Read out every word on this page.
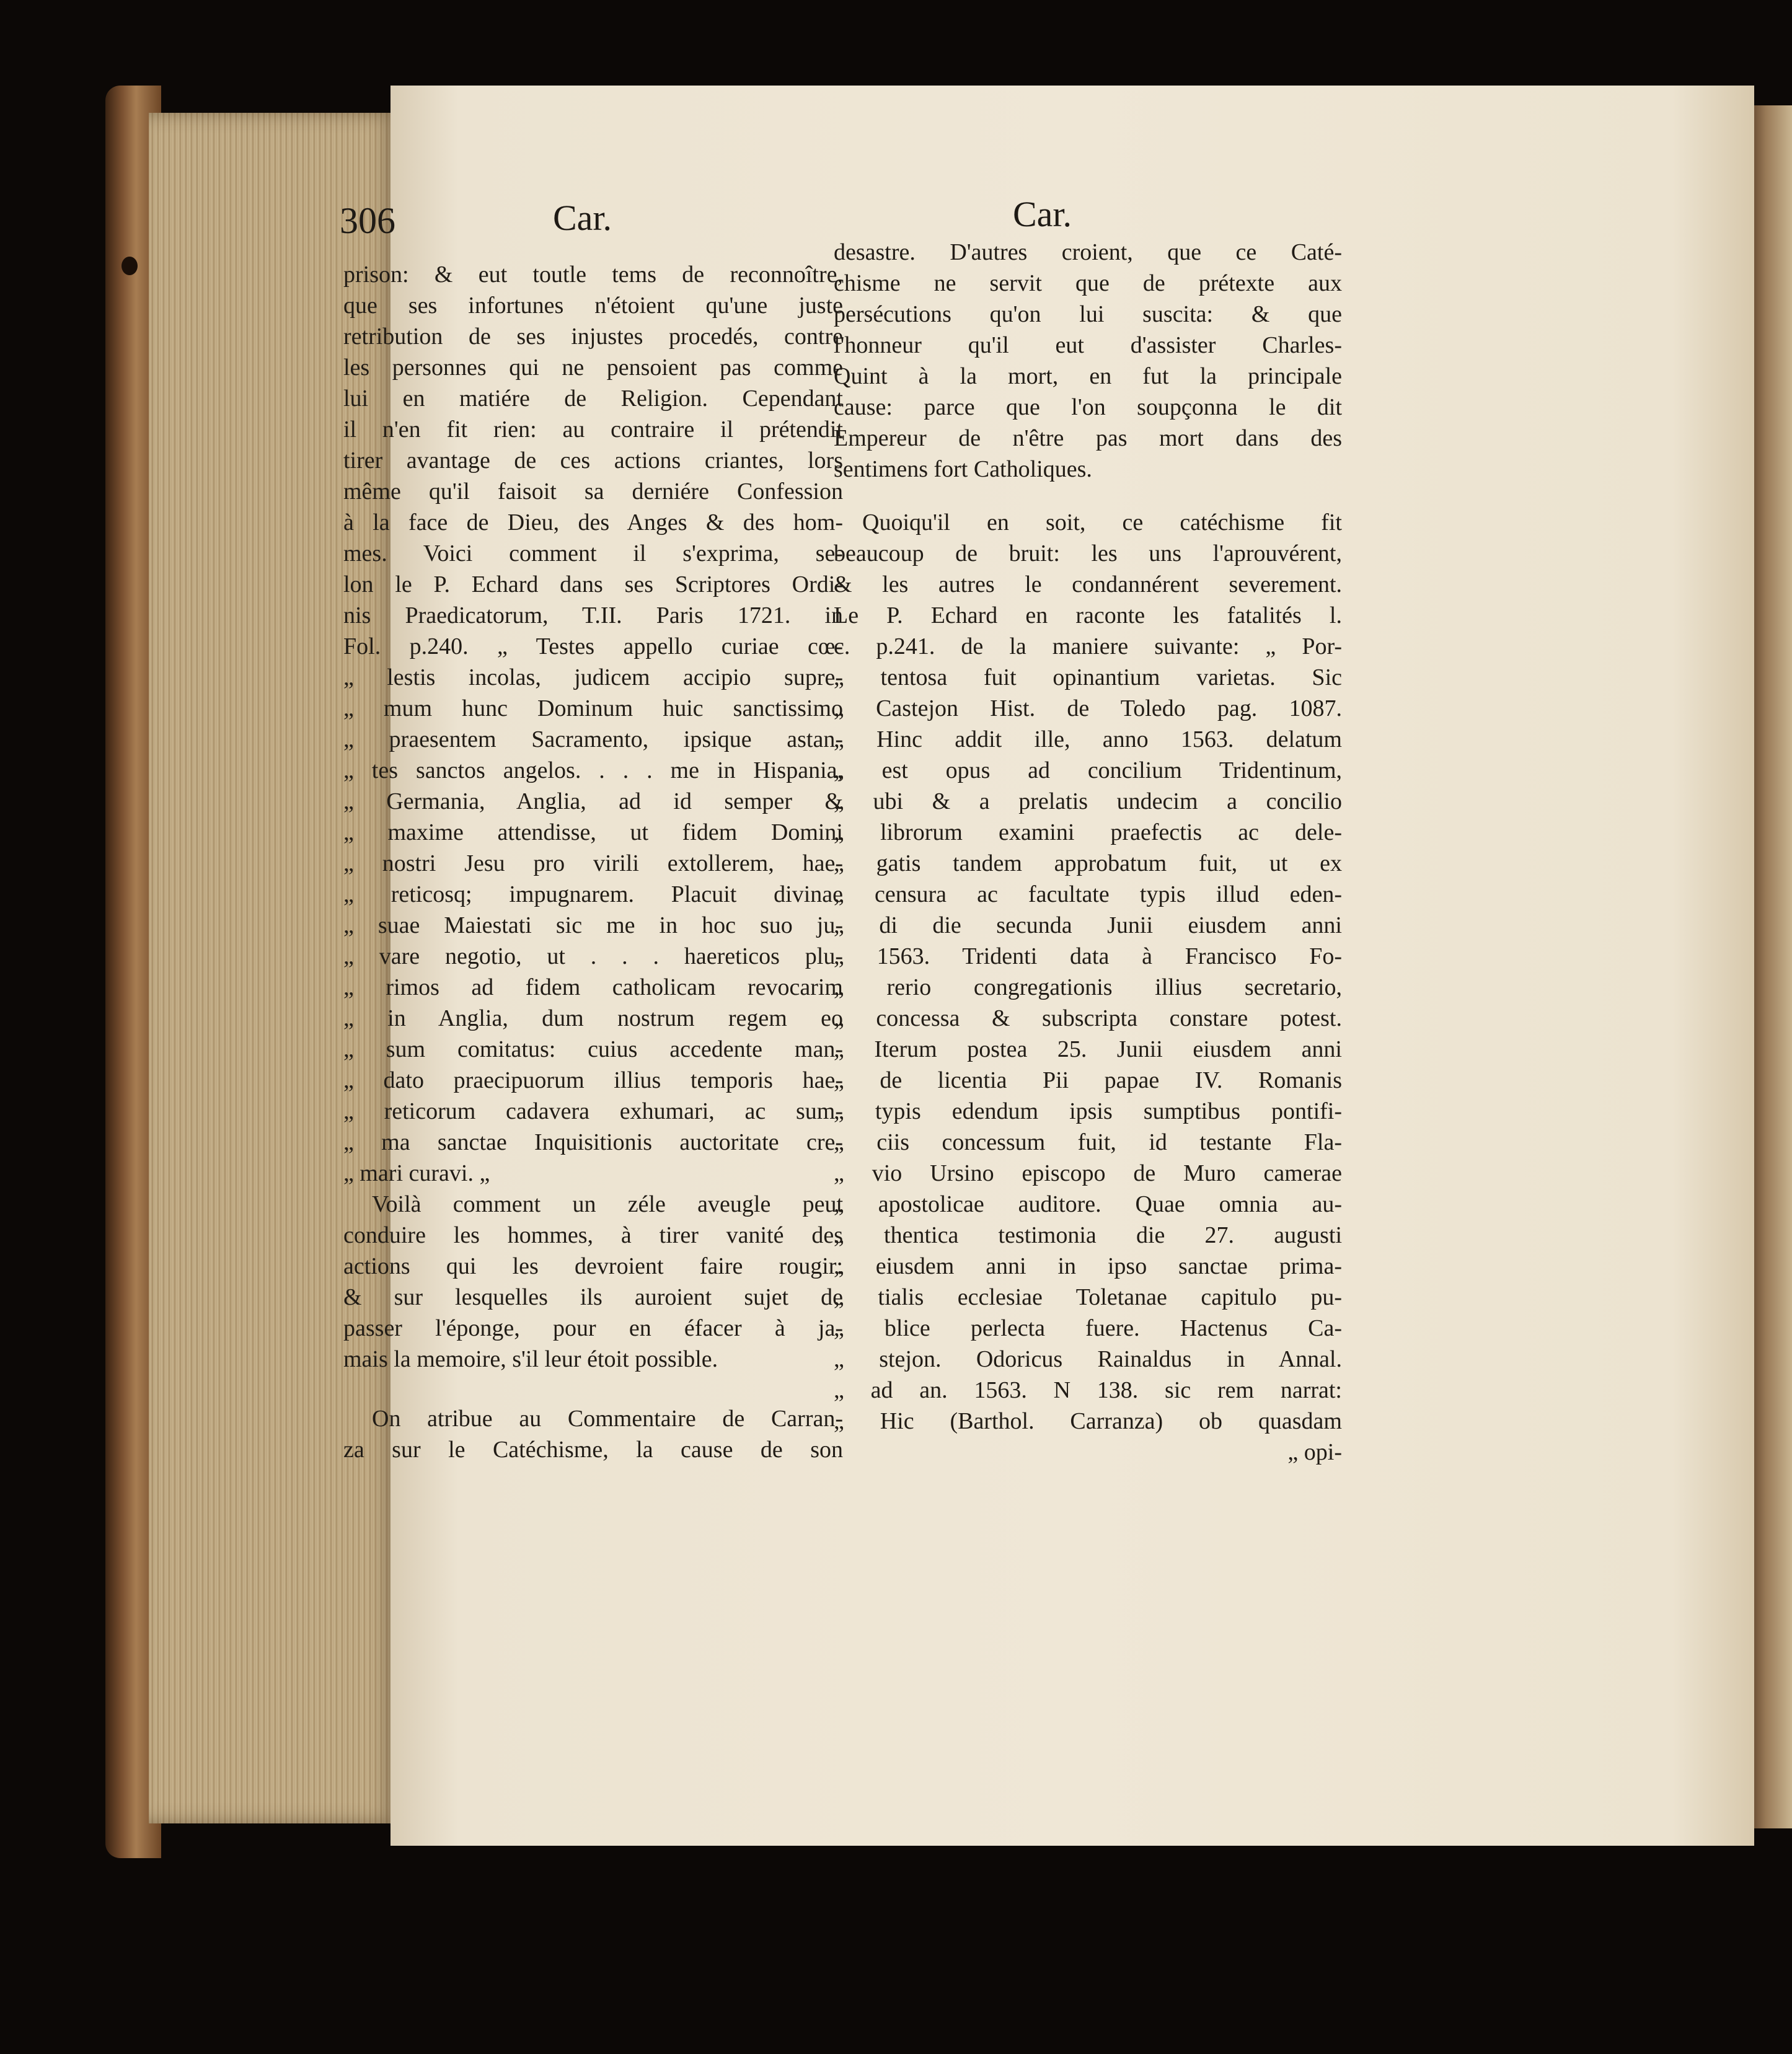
306	Car.	Car.
prison: & eut toutle tems de reconnoître,
que ses infortunes n'étoient qu'une juste
retribution de ses injustes procedés, contre
les personnes qui ne pensoient pas comme
lui en matiére de Religion. Cependant
il n'en fit rien: au contraire il prétendit
tirer avantage de ces actions criantes, lors
même qu'il faisoit sa derniére Confession
à la face de Dieu, des Anges & des hom-
mes. Voici comment il s'exprima, se-
lon le P. Echard dans ses Scriptores Ordi-
nis Praedicatorum, T.II. Paris 1721. in
Fol. p.240. „ Testes appello curiae cœ-
„ lestis incolas, judicem accipio supre-
„ mum hunc Dominum huic sanctissimo
„ praesentem Sacramento, ipsique astan-
„ tes sanctos angelos. . . . me in Hispania,
„ Germania, Anglia, ad id semper &
„ maxime attendisse, ut fidem Domini
„ nostri Jesu pro virili extollerem, hae-
„ reticosq; impugnarem. Placuit divinae
„ suae Maiestati sic me in hoc suo ju-
„ vare negotio, ut . . . haereticos plu-
„ rimos ad fidem catholicam revocarim
„ in Anglia, dum nostrum regem eo
„ sum comitatus: cuius accedente man-
„ dato praecipuorum illius temporis hae-
„ reticorum cadavera exhumari, ac sum-
„ ma sanctae Inquisitionis auctoritate cre-
„ mari curavi. „
Voilà comment un zéle aveugle peut
conduire les hommes, à tirer vanité des
actions qui les devroient faire rougir:
& sur lesquelles ils auroient sujet de
passer l'éponge, pour en éfacer à ja-
mais la memoire, s'il leur étoit possible.
On atribue au Commentaire de Carran-
za sur le Catéchisme, la cause de son
desastre. D'autres croient, que ce Caté-
chisme ne servit que de prétexte aux
persécutions qu'on lui suscita: & que
l'honneur qu'il eut d'assister Charles-
Quint à la mort, en fut la principale
cause: parce que l'on soupçonna le dit
Empereur de n'être pas mort dans des
sentimens fort Catholiques.
Quoiqu'il en soit, ce catéchisme fit
beaucoup de bruit: les uns l'aprouvérent,
& les autres le condannérent severement.
Le P. Echard en raconte les fatalités l.
c. p.241. de la maniere suivante: „ Por-
„ tentosa fuit opinantium varietas. Sic
„ Castejon Hist. de Toledo pag. 1087.
„ Hinc addit ille, anno 1563. delatum
„ est opus ad concilium Tridentinum,
„ ubi & a prelatis undecim a concilio
„ librorum examini praefectis ac dele-
„ gatis tandem approbatum fuit, ut ex
„ censura ac facultate typis illud eden-
„ di die secunda Junii eiusdem anni
„ 1563. Tridenti data à Francisco Fo-
„ rerio congregationis illius secretario,
„ concessa & subscripta constare potest.
„ Iterum postea 25. Junii eiusdem anni
„ de licentia Pii papae IV. Romanis
„ typis edendum ipsis sumptibus pontifi-
„ ciis concessum fuit, id testante Fla-
„ vio Ursino episcopo de Muro camerae
„ apostolicae auditore. Quae omnia au-
„ thentica testimonia die 27. augusti
„ eiusdem anni in ipso sanctae prima-
„ tialis ecclesiae Toletanae capitulo pu-
„ blice perlecta fuere. Hactenus Ca-
„ stejon. Odoricus Rainaldus in Annal.
„ ad an. 1563. N 138. sic rem narrat:
„ Hic (Barthol. Carranza) ob quasdam
„ opi-
